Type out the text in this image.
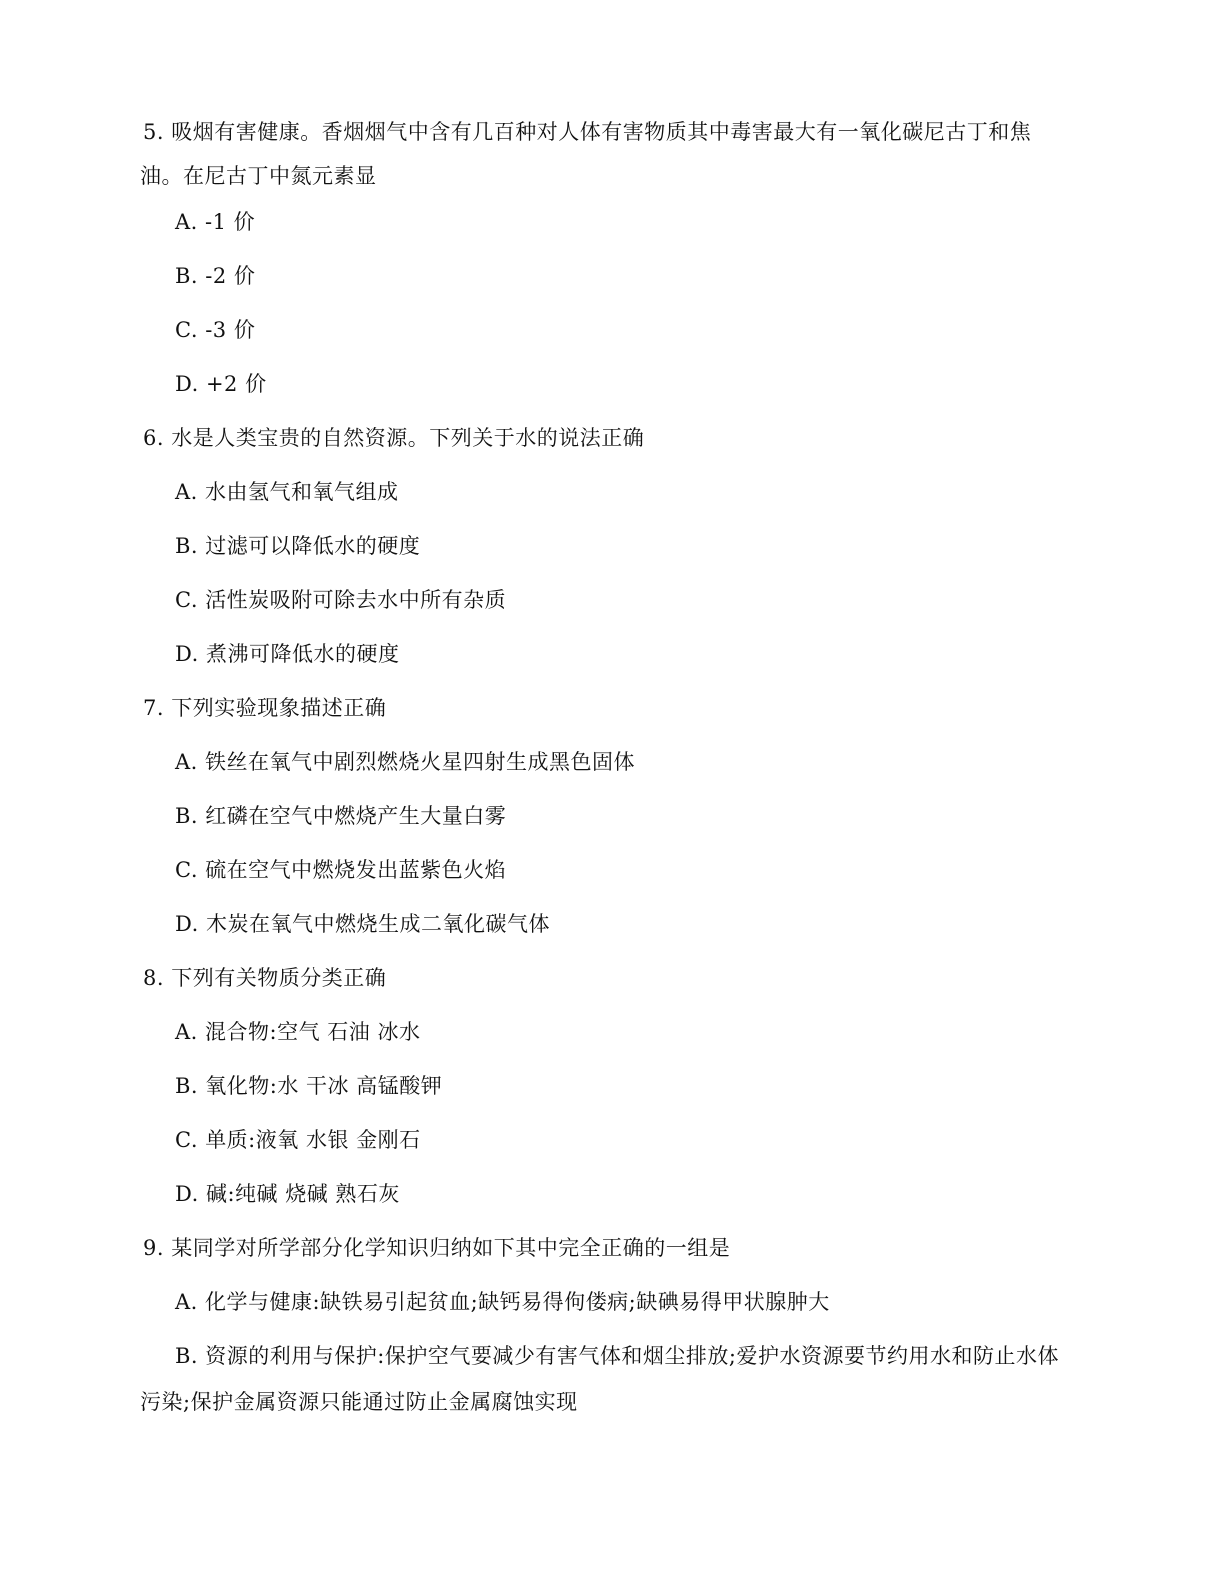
5. 吸烟有害健康。香烟烟气中含有几百种对人体有害物质其中毒害最大有一氧化碳尼古丁和焦
油。在尼古丁中氮元素显
A. -1 价
B. -2 价
C. -3 价
D. +2 价
6. 水是人类宝贵的自然资源。下列关于水的说法正确
A. 水由氢气和氧气组成
B. 过滤可以降低水的硬度
C. 活性炭吸附可除去水中所有杂质
D. 煮沸可降低水的硬度
7. 下列实验现象描述正确
A. 铁丝在氧气中剧烈燃烧火星四射生成黑色固体
B. 红磷在空气中燃烧产生大量白雾
C. 硫在空气中燃烧发出蓝紫色火焰
D. 木炭在氧气中燃烧生成二氧化碳气体
8. 下列有关物质分类正确
A. 混合物:空气 石油 冰水
B. 氧化物:水 干冰 高锰酸钾
C. 单质:液氧 水银 金刚石
D. 碱:纯碱 烧碱 熟石灰
9. 某同学对所学部分化学知识归纳如下其中完全正确的一组是
A. 化学与健康:缺铁易引起贫血;缺钙易得佝偻病;缺碘易得甲状腺肿大
B. 资源的利用与保护:保护空气要减少有害气体和烟尘排放;爱护水资源要节约用水和防止水体
污染;保护金属资源只能通过防止金属腐蚀实现
